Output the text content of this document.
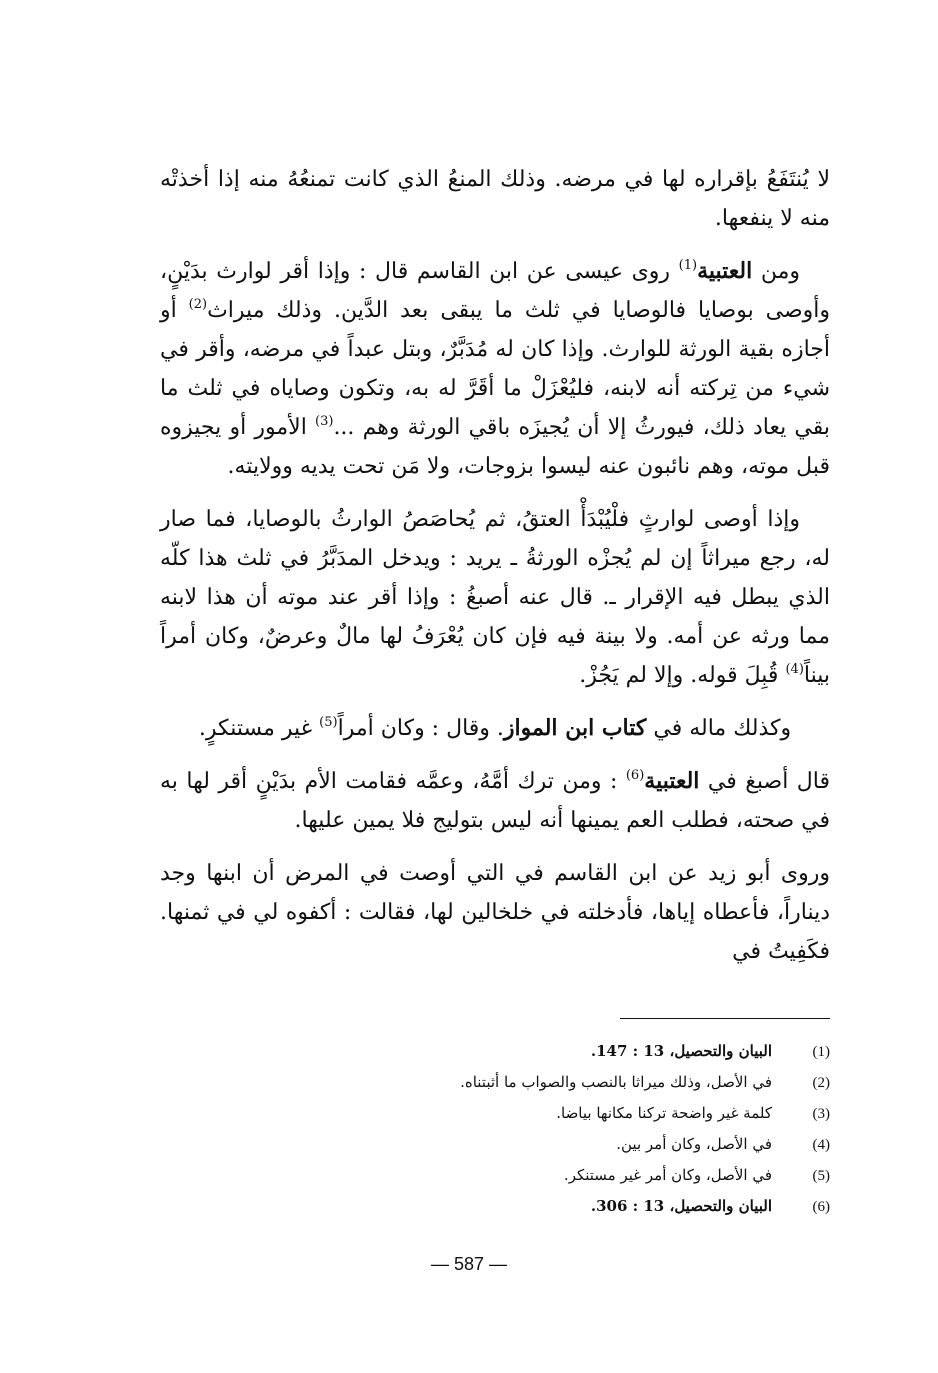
لا يُنتَفَعُ بإقراره لها في مرضه. وذلك المنعُ الذي كانت تمنعُهُ منه إذا أخذتْه منه لا ينفعها.

ومن العتبية$^{(1)}$ روى عيسى عن ابن القاسم قال : وإذا أقر لوارث بدَيْنٍ، وأوصى بوصايا فالوصايا في ثلث ما يبقى بعد الدَّين. وذلك ميراث$^{(2)}$ أو أجازه بقية الورثة للوارث. وإذا كان له مُدَبَّرٌ، وبتل عبداً في مرضه، وأقر في شيء من تِركته أنه لابنه، فليُعْزَلْ ما أقَرَّ له به، وتكون وصاياه في ثلث ما بقي يعاد ذلك، فيورثُ إلا أن يُجيزَه باقي الورثة وهم ...$^{(3)}$ الأمور أو يجيزوه قبل موته، وهم نائبون عنه ليسوا بزوجات، ولا مَن تحت يديه وولايته.

وإذا أوصى لوارثٍ فلْيُبْدَأْ العتقُ، ثم يُحاصَصُ الوارثُ بالوصايا، فما صار له، رجع ميراثاً إن لم يُجزْه الورثةُ ـ يريد : ويدخل المدَبَّرُ في ثلث هذا كلّه الذي يبطل فيه الإقرار ـ. قال عنه أصبغُ : وإذا أقر عند موته أن هذا لابنه مما ورثه عن أمه. ولا بينة فيه فإن كان يُعْرَفُ لها مالٌ وعرضٌ، وكان أمراً بيناً$^{(4)}$ قُبِلَ قوله. وإلا لم يَجُزْ.

وكذلك ماله في كتاب ابن المواز. وقال : وكان أمراً$^{(5)}$ غير مستنكرٍ.

قال أصبغ في العتبية$^{(6)}$ : ومن ترك أمَّهُ، وعمَّه فقامت الأم بدَيْنٍ أقر لها به في صحته، فطلب العم يمينها أنه ليس بتوليج فلا يمين عليها.

وروى أبو زيد عن ابن القاسم في التي أوصت في المرض أن ابنها وجد ديناراً، فأعطاه إياها، فأدخلته في خلخالين لها، فقالت : أكفوه لي في ثمنها. فكَفِيتُ في

(1)
البيان والتحصيل، 13 : 147.
(2)
في الأصل، وذلك ميراثا بالنصب والصواب ما أثبتناه.
(3)
كلمة غير واضحة تركنا مكانها بياضا.
(4)
في الأصل، وكان أمر بين.
(5)
في الأصل، وكان أمر غير مستنكر.
(6)
البيان والتحصيل، 13 : 306.
— 587 —
